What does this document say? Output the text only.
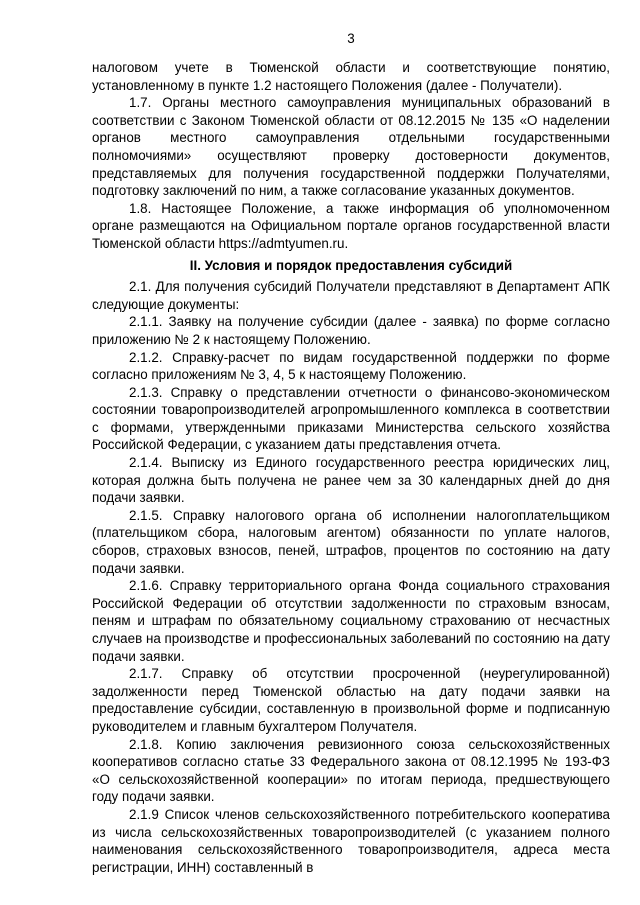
3

налоговом учете в Тюменской области и соответствующие понятию, установленному в пункте 1.2 настоящего Положения (далее - Получатели).

1.7. Органы местного самоуправления муниципальных образований в соответствии с Законом Тюменской области от 08.12.2015 № 135 «О наделении органов местного самоуправления отдельными государственными полномочиями» осуществляют проверку достоверности документов, представляемых для получения государственной поддержки Получателями, подготовку заключений по ним, а также согласование указанных документов.

1.8. Настоящее Положение, а также информация об уполномоченном органе размещаются на Официальном портале органов государственной власти Тюменской области https://admtyumen.ru.

II. Условия и порядок предоставления субсидий

2.1. Для получения субсидий Получатели представляют в Департамент АПК следующие документы:

2.1.1. Заявку на получение субсидии (далее - заявка) по форме согласно приложению № 2 к настоящему Положению.

2.1.2. Справку-расчет по видам государственной поддержки по форме согласно приложениям № 3, 4, 5 к настоящему Положению.

2.1.3. Справку о представлении отчетности о финансово-экономическом состоянии товаропроизводителей агропромышленного комплекса в соответствии с формами, утвержденными приказами Министерства сельского хозяйства Российской Федерации, с указанием даты представления отчета.

2.1.4. Выписку из Единого государственного реестра юридических лиц, которая должна быть получена не ранее чем за 30 календарных дней до дня подачи заявки.

2.1.5. Справку налогового органа об исполнении налогоплательщиком (плательщиком сбора, налоговым агентом) обязанности по уплате налогов, сборов, страховых взносов, пеней, штрафов, процентов по состоянию на дату подачи заявки.

2.1.6. Справку территориального органа Фонда социального страхования Российской Федерации об отсутствии задолженности по страховым взносам, пеням и штрафам по обязательному социальному страхованию от несчастных случаев на производстве и профессиональных заболеваний по состоянию на дату подачи заявки.

2.1.7. Справку об отсутствии просроченной (неурегулированной) задолженности перед Тюменской областью на дату подачи заявки на предоставление субсидии, составленную в произвольной форме и подписанную руководителем и главным бухгалтером Получателя.

2.1.8. Копию заключения ревизионного союза сельскохозяйственных кооперативов согласно статье 33 Федерального закона от 08.12.1995 № 193-ФЗ «О сельскохозяйственной кооперации» по итогам периода, предшествующего году подачи заявки.

2.1.9 Список членов сельскохозяйственного потребительского кооператива из числа сельскохозяйственных товаропроизводителей (с указанием полного наименования сельскохозяйственного товаропроизводителя, адреса места регистрации, ИНН) составленный в
